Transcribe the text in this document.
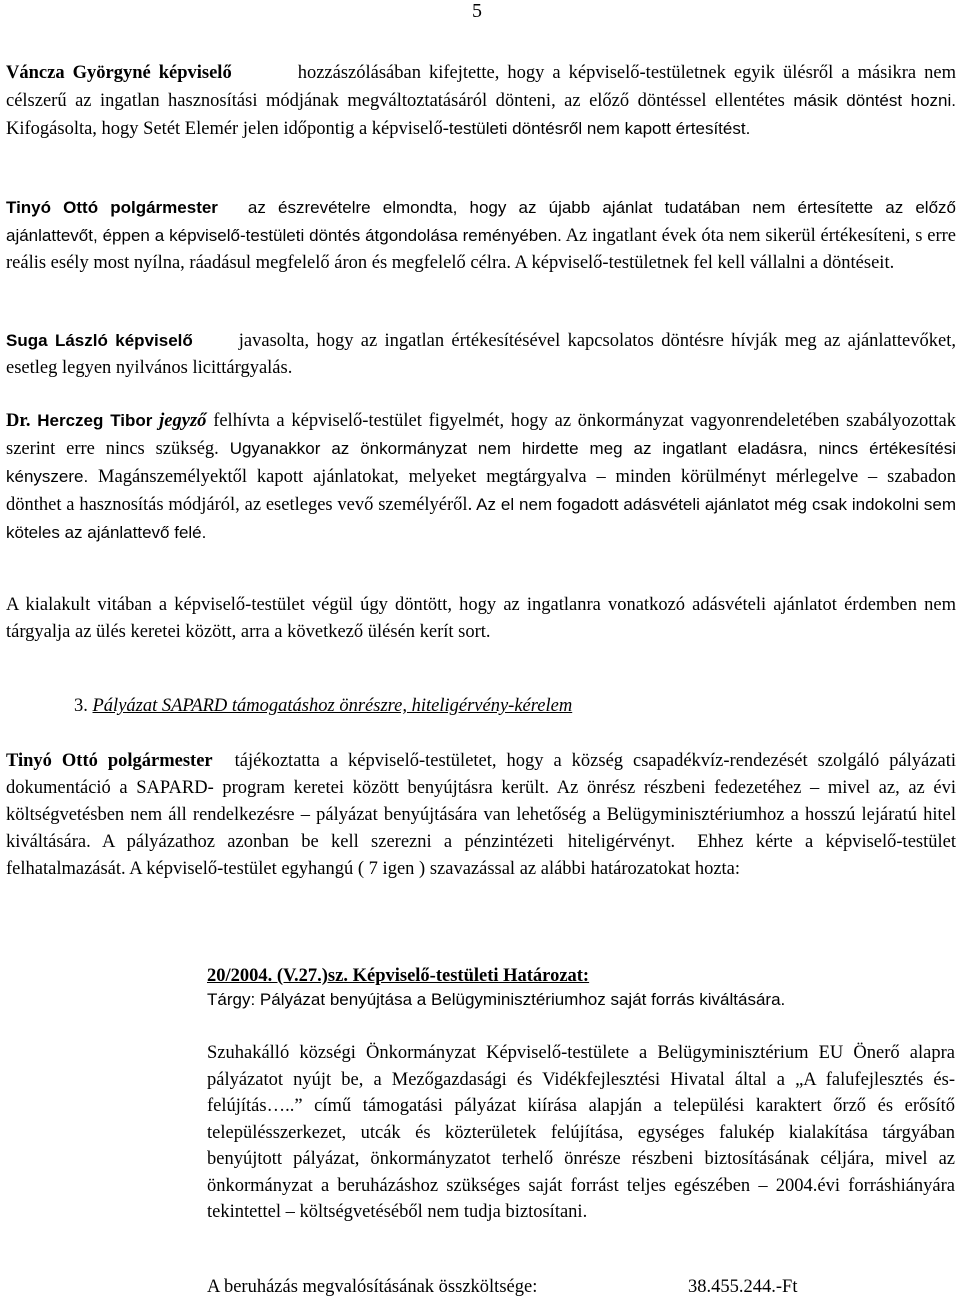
5

Váncza Györgyné képviselő	hozzászólásában kifejtette, hogy a képviselő-testületnek egyik ülésről a másikra nem célszerű az ingatlan hasznosítási módjának megváltoztatásáról dönteni, az előző döntéssel ellentétes másik döntést hozni. Kifogásolta, hogy Setét Elemér jelen időpontig a képviselő-testületi döntésről nem kapott értesítést.

Tinyó Ottó polgármester az észrevételre elmondta, hogy az újabb ajánlat tudatában nem értesítette az előző ajánlattevőt, éppen a képviselő-testületi döntés átgondolása reményében. Az ingatlant évek óta nem sikerül értékesíteni, s erre reális esély most nyílna, ráadásul megfelelő áron és megfelelő célra. A képviselő-testületnek fel kell vállalni a döntéseit.

Suga László képviselő javasolta, hogy az ingatlan értékesítésével kapcsolatos döntésre hívják meg az ajánlattevőket, esetleg legyen nyilvános licittárgyalás.

Dr. Herczeg Tibor jegyző felhívta a képviselő-testület figyelmét, hogy az önkormányzat vagyonrendeletében szabályozottak szerint erre nincs szükség. Ugyanakkor az önkormányzat nem hirdette meg az ingatlant eladásra, nincs értékesítési kényszere. Magánszemélyektől kapott ajánlatokat, melyeket megtárgyalva – minden körülményt mérlegelve – szabadon dönthet a hasznosítás módjáról, az esetleges vevő személyéről. Az el nem fogadott adásvételi ajánlatot még csak indokolni sem köteles az ajánlattevő felé.

A kialakult vitában a képviselő-testület végül úgy döntött, hogy az ingatlanra vonatkozó adásvételi ajánlatot érdemben nem tárgyalja az ülés keretei között, arra a következő ülésén kerít sort.

3. Pályázat SAPARD támogatáshoz önrészre, hiteligérvény-kérelem

Tinyó Ottó polgármester tájékoztatta a képviselő-testületet, hogy a község csapadékvíz-rendezését szolgáló pályázati dokumentáció a SAPARD- program keretei között benyújtásra került. Az önrész részbeni fedezetéhez – mivel az, az évi költségvetésben nem áll rendelkezésre – pályázat benyújtására van lehetőség a Belügyminisztériumhoz a hosszú lejáratú hitel kiváltására. A pályázathoz azonban be kell szerezni a pénzintézeti hiteligérvényt. Ehhez kérte a képviselő-testület felhatalmazását. A képviselő-testület egyhangú ( 7 igen ) szavazással az alábbi határozatokat hozta:

20/2004. (V.27.)sz. Képviselő-testületi Határozat:

Tárgy: Pályázat benyújtása a Belügyminisztériumhoz saját forrás kiváltására.

Szuhakálló községi Önkormányzat Képviselő-testülete a Belügyminisztérium EU Önerő alapra pályázatot nyújt be, a Mezőgazdasági és Vidékfejlesztési Hivatal által a „A falufejlesztés és- felújítás…..” című támogatási pályázat kiírása alapján a települési karaktert őrző és erősítő településszerkezet, utcák és közterületek felújítása, egységes falukép kialakítása tárgyában benyújtott pályázat, önkormányzatot terhelő önrésze részbeni biztosításának céljára, mivel az önkormányzat a beruházáshoz szükséges saját forrást teljes egészében – 2004.évi forráshiányára tekintettel – költségvetéséből nem tudja biztosítani.

A beruházás megvalósításának összköltsége:	38.455.244.-Ft
